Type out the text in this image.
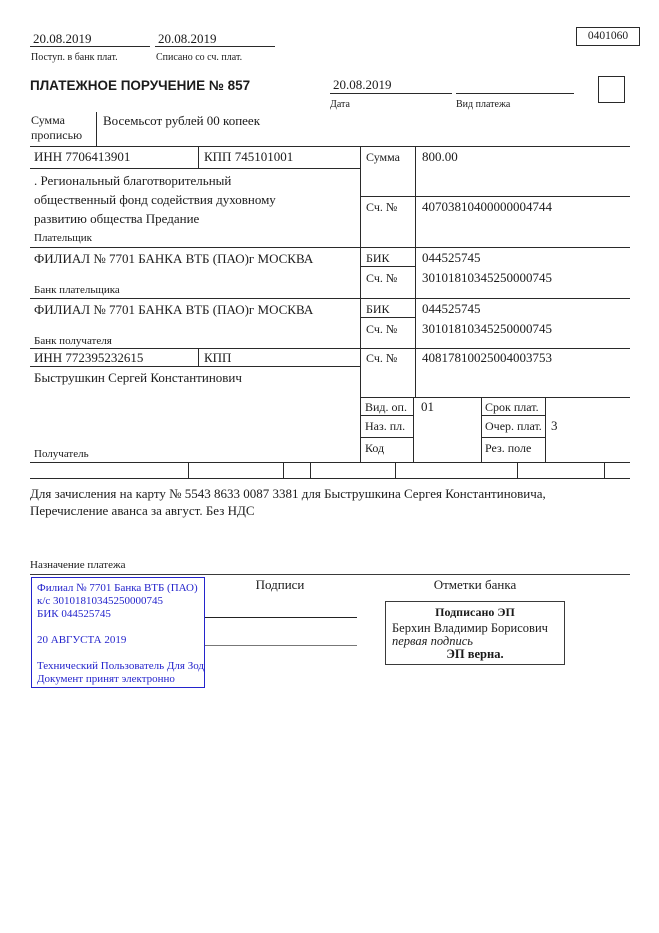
20.08.2019
Поступ. в банк плат.
20.08.2019
Списано со сч. плат.
0401060
ПЛАТЕЖНОЕ ПОРУЧЕНИЕ № 857	20.08.2019
Дата	Вид платежа
Сумма прописью
Восемьсот рублей 00 копеек
ИНН 7706413901	КПП 745101001
. Региональный благотворительный общественный фонд содействия духовному развитию общества Предание
Плательщик
Сумма 800.00
Сч. № 40703810400000004744
ФИЛИАЛ № 7701 БАНКА ВТБ (ПАО)г МОСКВА	БИК 044525745
Сч. № 30101810345250000745
Банк плательщика
ФИЛИАЛ № 7701 БАНКА ВТБ (ПАО)г МОСКВА	БИК 044525745
Сч. № 30101810345250000745
Банк получателя
ИНН 772395232615	КПП	Сч. № 40817810025004003753
Быструшкин Сергей Константинович
Получатель
Вид. оп. 01
Наз. пл.
Код
Срок плат.
Очер. плат. 3
Рез. поле
Для зачисления на карту № 5543 8633 0087 3381 для Быструшкина Сергея Константиновича, Перечисление аванса за август. Без НДС
Назначение платежа
Филиал № 7701 Банка ВТБ (ПАО)
к/с 30101810345250000745
БИК 044525745
20 АВГУСТА 2019
Технический Пользователь Для Зод
Документ принят электронно
Подписи	Отметки банка
Подписано ЭП
Берхин Владимир Борисович
первая подпись
ЭП верна.
